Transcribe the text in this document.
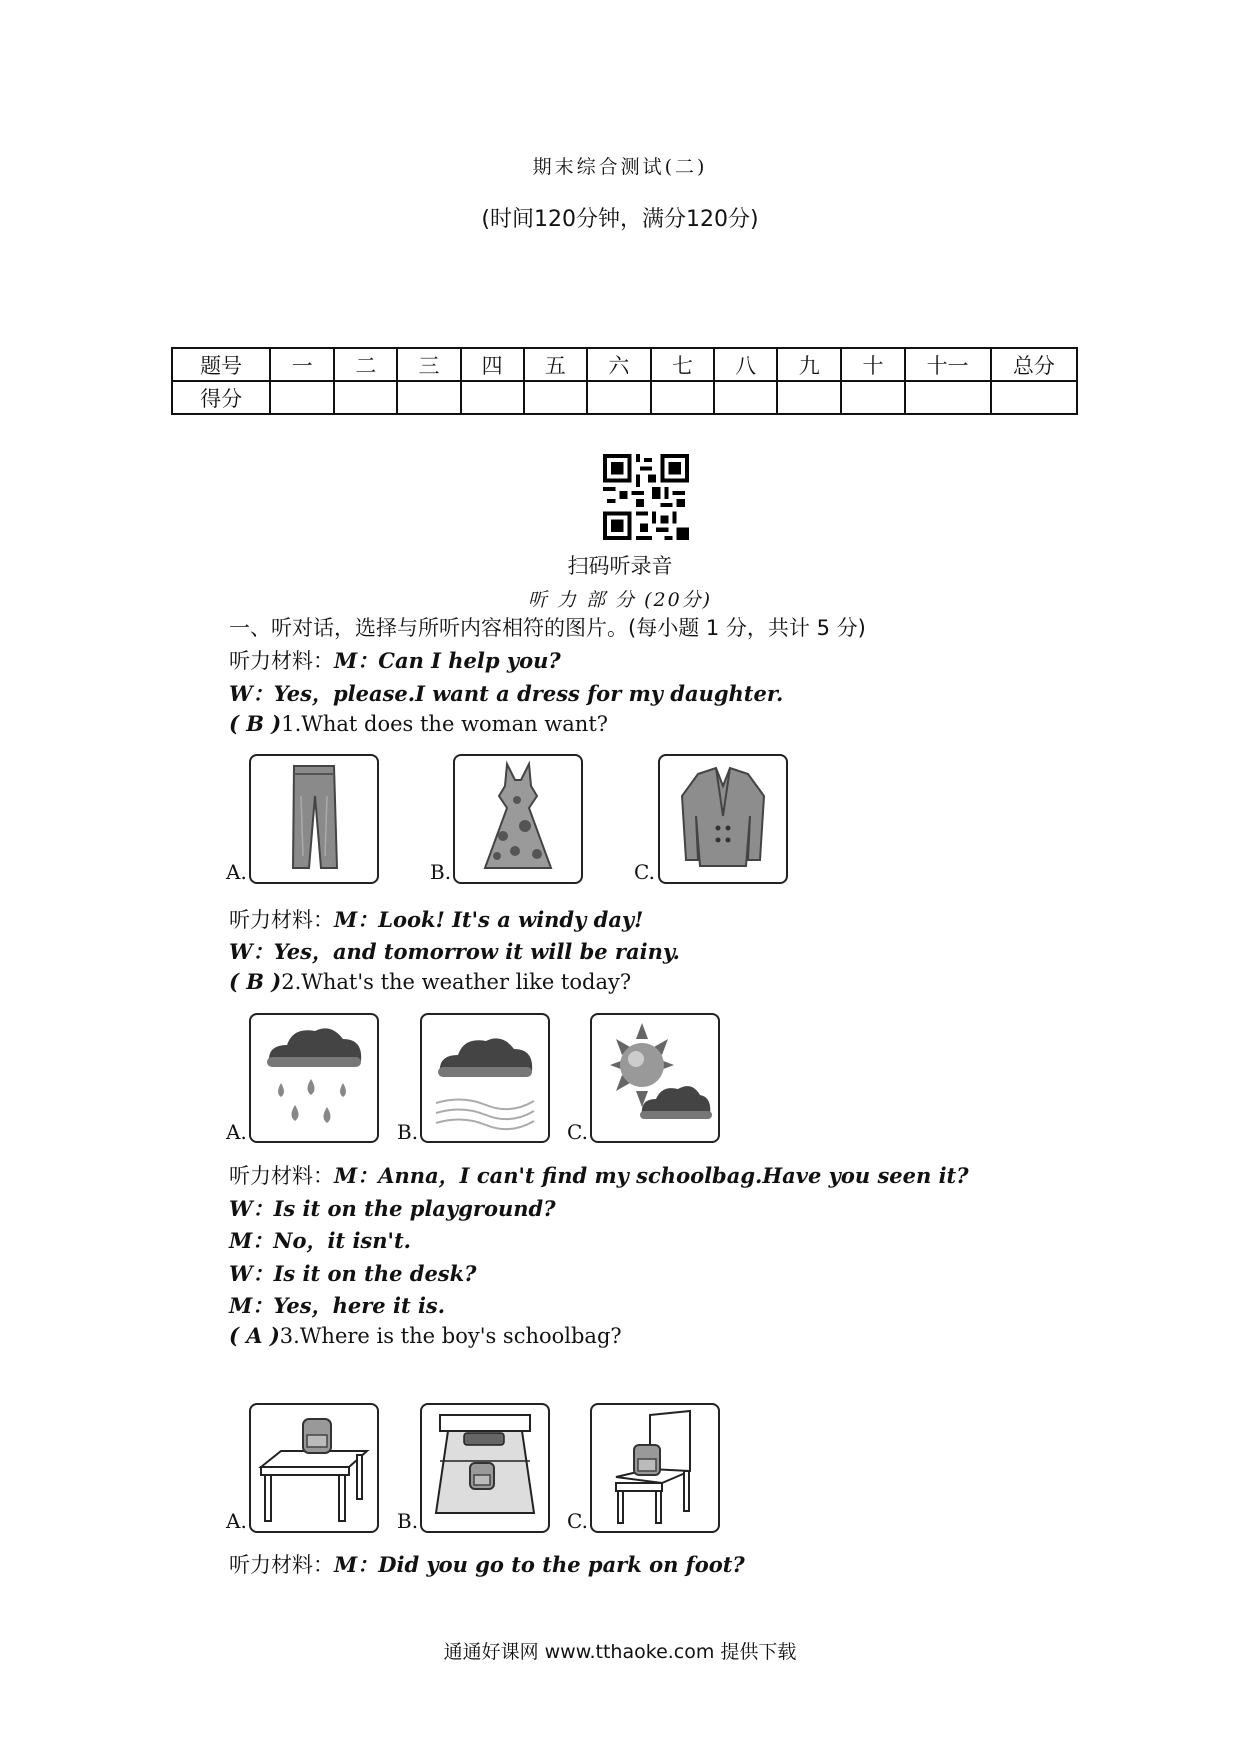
期末综合测试(二)
(时间120分钟，满分120分)
题号	一	二	三	四	五	六	七	八	九	十	十一	总分
得分												
扫码听录音
听 力 部 分 (20分)
一、听对话，选择与所听内容相符的图片。(每小题 1 分，共计 5 分)
听力材料：M：Can I help you?
W：Yes，please.I want a dress for my daughter.
( B )1.What does the woman want?
A.	B.	C.
听力材料：M：Look! It's a windy day!
W：Yes，and tomorrow it will be rainy.
( B )2.What's the weather like today?
A.	B.	C.
听力材料：M：Anna，I can't find my schoolbag.Have you seen it?
W：Is it on the playground?
M：No，it isn't.
W：Is it on the desk?
M：Yes，here it is.
( A )3.Where is the boy's schoolbag?
A.	B.	C.
听力材料：M：Did you go to the park on foot?
通通好课网 www.tthaoke.com 提供下载
